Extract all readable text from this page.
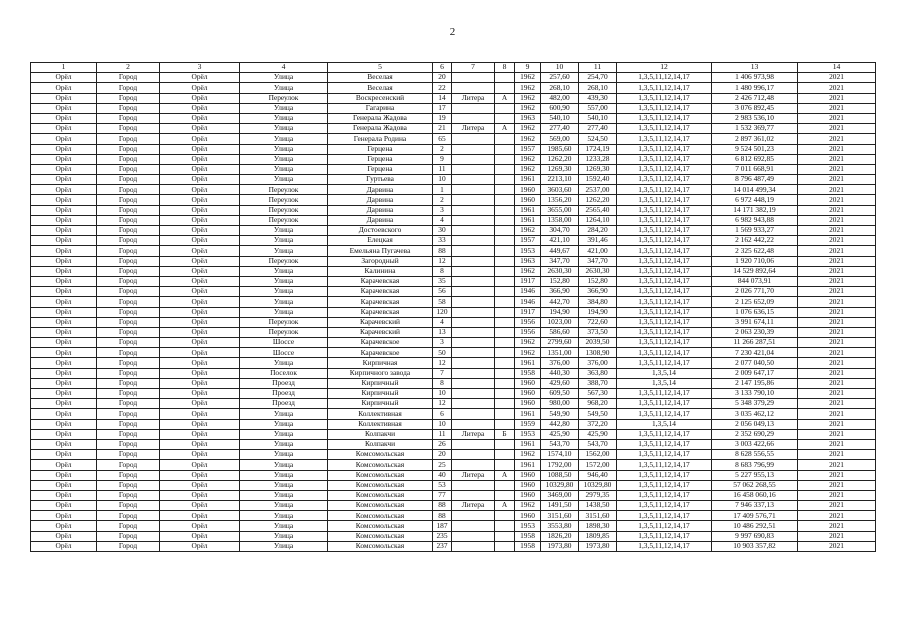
2
1	2	3	4	5	6	7	8	9	10	11	12	13	14
Орёл	Город	Орёл	Улица	Веселая	20			1962	257,60	254,70	1,3,5,11,12,14,17	1 406 973,98	2021
Орёл	Город	Орёл	Улица	Веселая	22			1962	268,10	268,10	1,3,5,11,12,14,17	1 480 996,17	2021
Орёл	Город	Орёл	Переулок	Воскресенский	14	Литера	А	1962	482,00	439,30	1,3,5,11,12,14,17	2 426 712,48	2021
Орёл	Город	Орёл	Улица	Гагарина	17			1962	600,90	557,00	1,3,5,11,12,14,17	3 076 892,45	2021
Орёл	Город	Орёл	Улица	Генерала Жадова	19			1963	540,10	540,10	1,3,5,11,12,14,17	2 983 536,10	2021
Орёл	Город	Орёл	Улица	Генерала Жадова	21	Литера	А	1962	277,40	277,40	1,3,5,11,12,14,17	1 532 369,77	2021
Орёл	Город	Орёл	Улица	Генерала Родина	65			1962	569,00	524,50	1,3,5,11,12,14,17	2 897 361,02	2021
Орёл	Город	Орёл	Улица	Герцена	2			1957	1985,60	1724,19	1,3,5,11,12,14,17	9 524 501,23	2021
Орёл	Город	Орёл	Улица	Герцена	9			1962	1262,20	1233,28	1,3,5,11,12,14,17	6 812 692,85	2021
Орёл	Город	Орёл	Улица	Герцена	11			1962	1269,30	1269,30	1,3,5,11,12,14,17	7 011 668,91	2021
Орёл	Город	Орёл	Улица	Гуртьева	10			1961	2213,10	1592,40	1,3,5,11,12,14,17	8 796 487,49	2021
Орёл	Город	Орёл	Переулок	Дарвина	1			1960	3603,60	2537,00	1,3,5,11,12,14,17	14 014 499,34	2021
Орёл	Город	Орёл	Переулок	Дарвина	2			1960	1356,20	1262,20	1,3,5,11,12,14,17	6 972 448,19	2021
Орёл	Город	Орёл	Переулок	Дарвина	3			1961	3655,00	2565,40	1,3,5,11,12,14,17	14 171 382,19	2021
Орёл	Город	Орёл	Переулок	Дарвина	4			1961	1358,00	1264,10	1,3,5,11,12,14,17	6 982 943,88	2021
Орёл	Город	Орёл	Улица	Достоевского	30			1962	304,70	284,20	1,3,5,11,12,14,17	1 569 933,27	2021
Орёл	Город	Орёл	Улица	Елецкая	33			1957	421,10	391,46	1,3,5,11,12,14,17	2 162 442,22	2021
Орёл	Город	Орёл	Улица	Емельяна Пугачева	88			1953	449,67	421,00	1,3,5,11,12,14,17	2 325 622,48	2021
Орёл	Город	Орёл	Переулок	Загородный	12			1963	347,70	347,70	1,3,5,11,12,14,17	1 920 710,06	2021
Орёл	Город	Орёл	Улица	Калинина	8			1962	2630,30	2630,30	1,3,5,11,12,14,17	14 529 892,64	2021
Орёл	Город	Орёл	Улица	Карачевская	35			1917	152,80	152,80	1,3,5,11,12,14,17	844 073,91	2021
Орёл	Город	Орёл	Улица	Карачевская	56			1946	366,90	366,90	1,3,5,11,12,14,17	2 026 771,70	2021
Орёл	Город	Орёл	Улица	Карачевская	58			1946	442,70	384,80	1,3,5,11,12,14,17	2 125 652,09	2021
Орёл	Город	Орёл	Улица	Карачевская	120			1917	194,90	194,90	1,3,5,11,12,14,17	1 076 636,15	2021
Орёл	Город	Орёл	Переулок	Карачевский	4			1956	1023,00	722,60	1,3,5,11,12,14,17	3 991 674,11	2021
Орёл	Город	Орёл	Переулок	Карачевский	13			1956	586,60	373,50	1,3,5,11,12,14,17	2 063 230,39	2021
Орёл	Город	Орёл	Шоссе	Карачевское	3			1962	2799,60	2039,50	1,3,5,11,12,14,17	11 266 287,51	2021
Орёл	Город	Орёл	Шоссе	Карачевское	50			1962	1351,00	1308,90	1,3,5,11,12,14,17	7 230 421,04	2021
Орёл	Город	Орёл	Улица	Кирпичная	12			1961	376,00	376,00	1,3,5,11,12,14,17	2 077 040,50	2021
Орёл	Город	Орёл	Поселок	Кирпичного завода	7			1958	440,30	363,80	1,3,5,14	2 009 647,17	2021
Орёл	Город	Орёл	Проезд	Кирпичный	8			1960	429,60	388,70	1,3,5,14	2 147 195,86	2021
Орёл	Город	Орёл	Проезд	Кирпичный	10			1960	609,50	567,30	1,3,5,11,12,14,17	3 133 790,10	2021
Орёл	Город	Орёл	Проезд	Кирпичный	12			1960	980,00	968,20	1,3,5,11,12,14,17	5 348 379,29	2021
Орёл	Город	Орёл	Улица	Коллективная	6			1961	549,90	549,50	1,3,5,11,12,14,17	3 035 462,12	2021
Орёл	Город	Орёл	Улица	Коллективная	10			1959	442,80	372,20	1,3,5,14	2 056 049,13	2021
Орёл	Город	Орёл	Улица	Колпакчи	11	Литера	Б	1953	425,90	425,90	1,3,5,11,12,14,17	2 352 690,29	2021
Орёл	Город	Орёл	Улица	Колпакчи	26			1961	543,70	543,70	1,3,5,11,12,14,17	3 003 422,66	2021
Орёл	Город	Орёл	Улица	Комсомольская	20			1962	1574,10	1562,00	1,3,5,11,12,14,17	8 628 556,55	2021
Орёл	Город	Орёл	Улица	Комсомольская	25			1961	1792,00	1572,00	1,3,5,11,12,14,17	8 683 796,99	2021
Орёл	Город	Орёл	Улица	Комсомольская	40	Литера	А	1960	1088,50	946,40	1,3,5,11,12,14,17	5 227 955,13	2021
Орёл	Город	Орёл	Улица	Комсомольская	53			1960	10329,80	10329,80	1,3,5,11,12,14,17	57 062 268,55	2021
Орёл	Город	Орёл	Улица	Комсомольская	77			1960	3469,00	2979,35	1,3,5,11,12,14,17	16 458 060,16	2021
Орёл	Город	Орёл	Улица	Комсомольская	88	Литера	А	1962	1491,50	1438,50	1,3,5,11,12,14,17	7 946 337,13	2021
Орёл	Город	Орёл	Улица	Комсомольская	88			1960	3151,60	3151,60	1,3,5,11,12,14,17	17 409 576,71	2021
Орёл	Город	Орёл	Улица	Комсомольская	187			1953	3553,80	1898,30	1,3,5,11,12,14,17	10 486 292,51	2021
Орёл	Город	Орёл	Улица	Комсомольская	235			1958	1826,20	1809,85	1,3,5,11,12,14,17	9 997 690,83	2021
Орёл	Город	Орёл	Улица	Комсомольская	237			1958	1973,80	1973,80	1,3,5,11,12,14,17	10 903 357,82	2021
